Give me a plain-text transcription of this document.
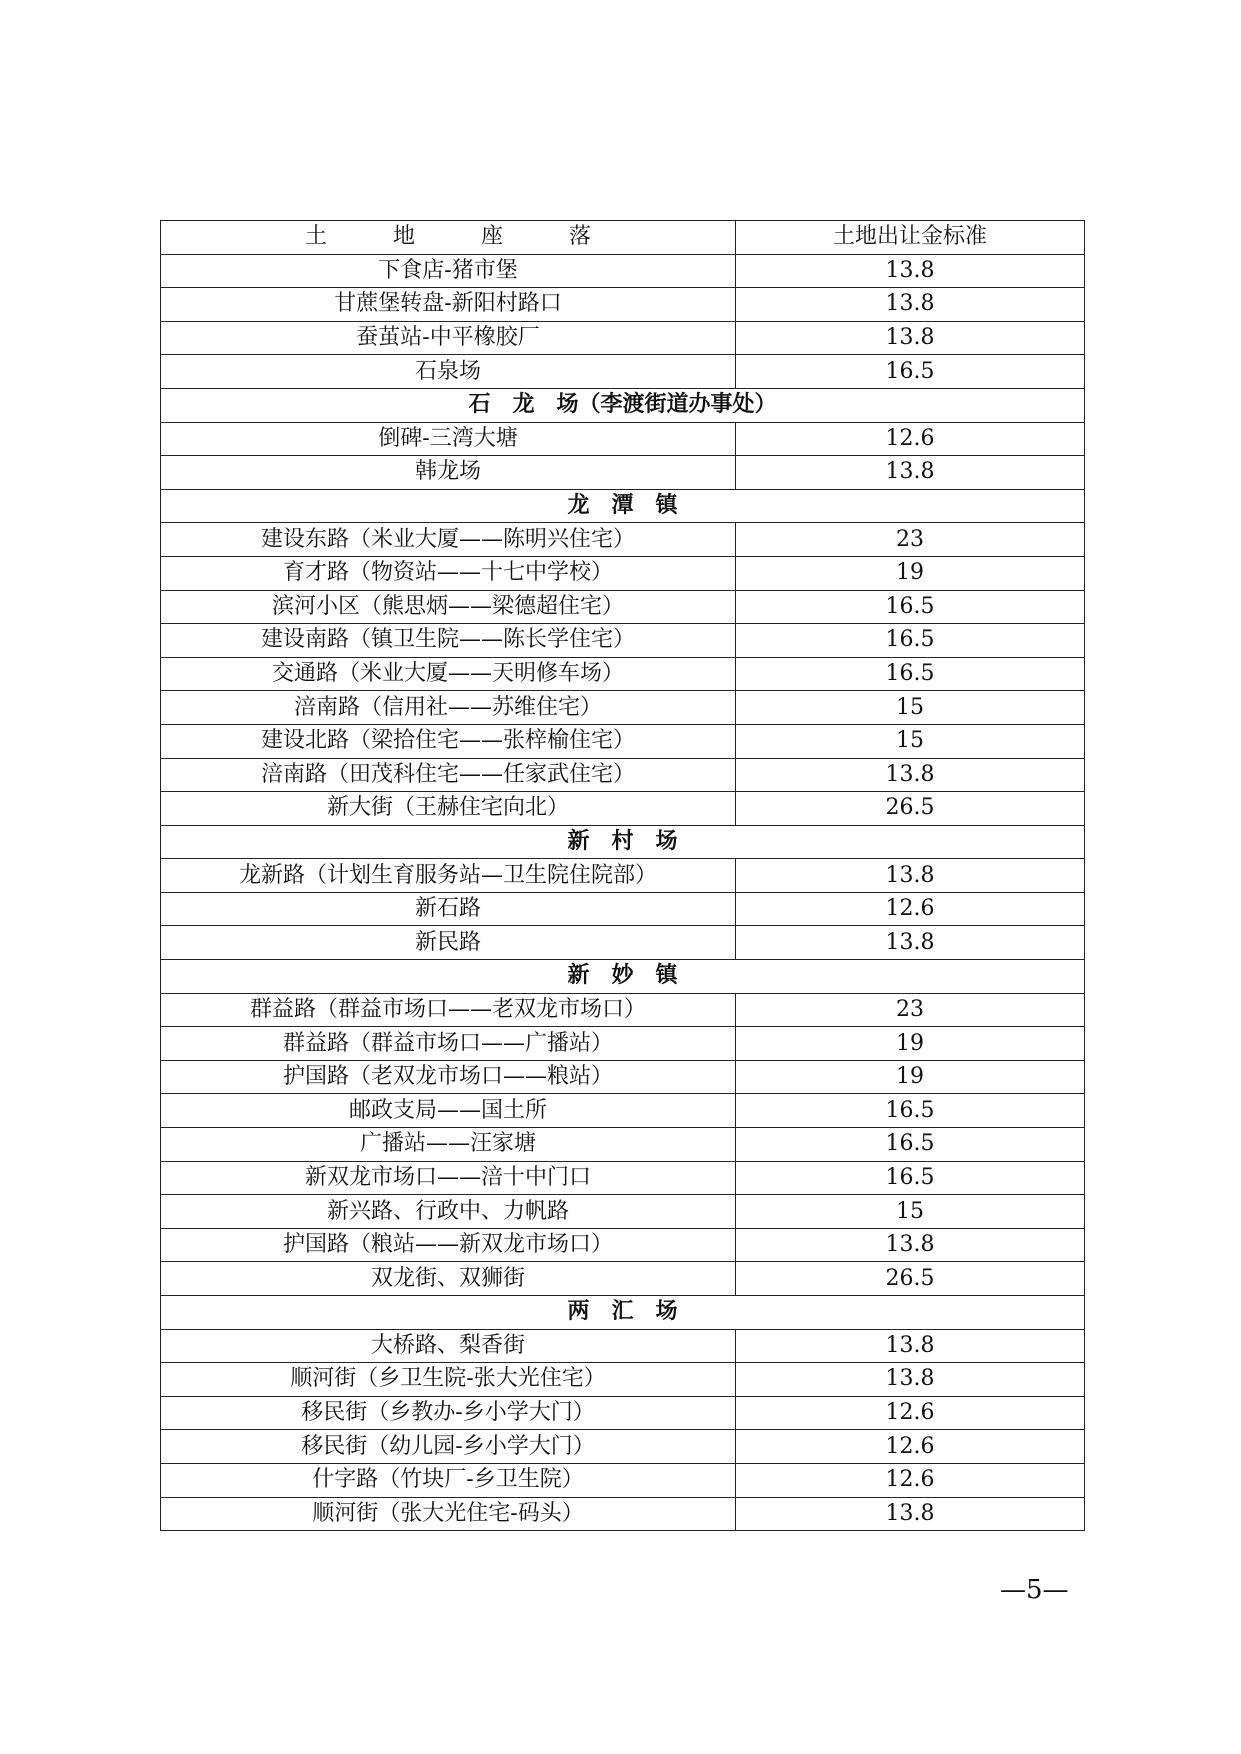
土　　　地　　　座　　　落	土地出让金标准
下食店-猪市堡	13.8
甘蔗堡转盘-新阳村路口	13.8
蚕茧站-中平橡胶厂	13.8
石泉场	16.5
石　龙　场（李渡街道办事处）	
倒碑-三湾大塘	12.6
韩龙场	13.8
龙　潭　镇	
建设东路（米业大厦——陈明兴住宅）	23
育才路（物资站——十七中学校）	19
滨河小区（熊思炳——梁德超住宅）	16.5
建设南路（镇卫生院——陈长学住宅）	16.5
交通路（米业大厦——天明修车场）	16.5
涪南路（信用社——苏维住宅）	15
建设北路（梁拾住宅——张梓榆住宅）	15
涪南路（田茂科住宅——任家武住宅）	13.8
新大街（王赫住宅向北）	26.5
新　村　场	
龙新路（计划生育服务站—卫生院住院部）	13.8
新石路	12.6
新民路	13.8
新　妙　镇	
群益路（群益市场口——老双龙市场口）	23
群益路（群益市场口——广播站）	19
护国路（老双龙市场口——粮站）	19
邮政支局——国土所	16.5
广播站——汪家塘	16.5
新双龙市场口——涪十中门口	16.5
新兴路、行政中、力帆路	15
护国路（粮站——新双龙市场口）	13.8
双龙街、双狮街	26.5
两　汇　场	
大桥路、梨香街	13.8
顺河街（乡卫生院-张大光住宅）	13.8
移民街（乡教办-乡小学大门）	12.6
移民街（幼儿园-乡小学大门）	12.6
什字路（竹块厂-乡卫生院）	12.6
顺河街（张大光住宅-码头）	13.8
—5—
